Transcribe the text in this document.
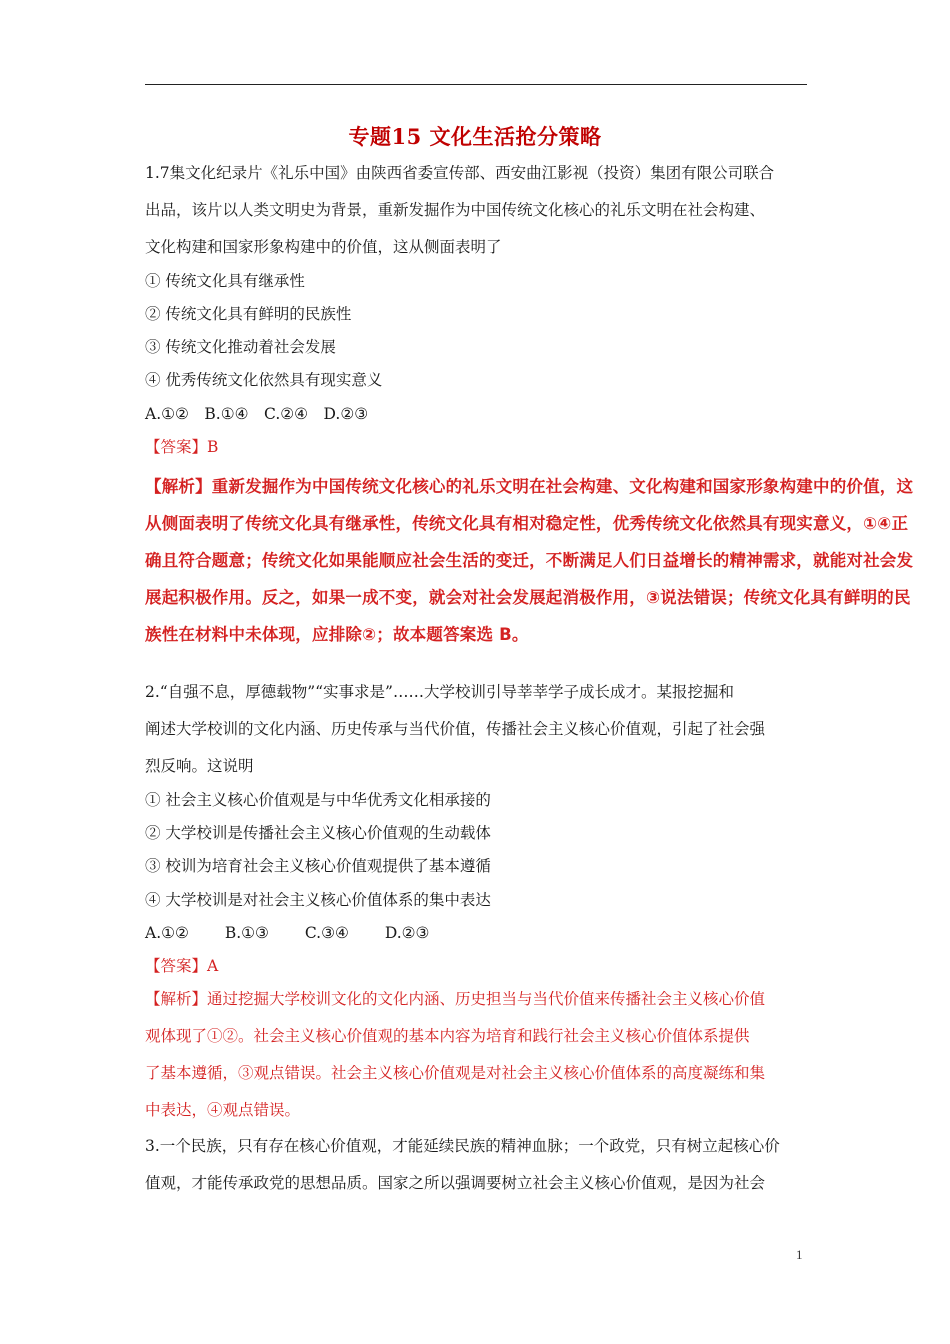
专题15 文化生活抢分策略
1.7集文化纪录片《礼乐中国》由陕西省委宣传部、西安曲江影视（投资）集团有限公司联合
出品，该片以人类文明史为背景，重新发掘作为中国传统文化核心的礼乐文明在社会构建、
文化构建和国家形象构建中的价值，这从侧面表明了
① 传统文化具有继承性
② 传统文化具有鲜明的民族性
③ 传统文化推动着社会发展
④ 优秀传统文化依然具有现实意义
A.①②　B.①④　C.②④　D.②③
【答案】B
【解析】重新发掘作为中国传统文化核心的礼乐文明在社会构建、文化构建和国家形象构建中的价值，这
从侧面表明了传统文化具有继承性，传统文化具有相对稳定性，优秀传统文化依然具有现实意义，①④正
确且符合题意；传统文化如果能顺应社会生活的变迁，不断满足人们日益增长的精神需求，就能对社会发
展起积极作用。反之，如果一成不变，就会对社会发展起消极作用，③说法错误；传统文化具有鲜明的民
族性在材料中未体现，应排除②；故本题答案选 B。
2.“自强不息，厚德载物”“实事求是”……大学校训引导莘莘学子成长成才。某报挖掘和
阐述大学校训的文化内涵、历史传承与当代价值，传播社会主义核心价值观，引起了社会强
烈反响。这说明
① 社会主义核心价值观是与中华优秀文化相承接的
② 大学校训是传播社会主义核心价值观的生动载体
③ 校训为培育社会主义核心价值观提供了基本遵循
④ 大学校训是对社会主义核心价值体系的集中表达
A.①②　　 B.①③　　 C.③④　　 D.②③
【答案】A
【解析】通过挖掘大学校训文化的文化内涵、历史担当与当代价值来传播社会主义核心价值
观体现了①②。社会主义核心价值观的基本内容为培育和践行社会主义核心价值体系提供
了基本遵循，③观点错误。社会主义核心价值观是对社会主义核心价值体系的高度凝练和集
中表达，④观点错误。
3.一个民族，只有存在核心价值观，才能延续民族的精神血脉；一个政党，只有树立起核心价
值观，才能传承政党的思想品质。国家之所以强调要树立社会主义核心价值观，是因为社会
1
